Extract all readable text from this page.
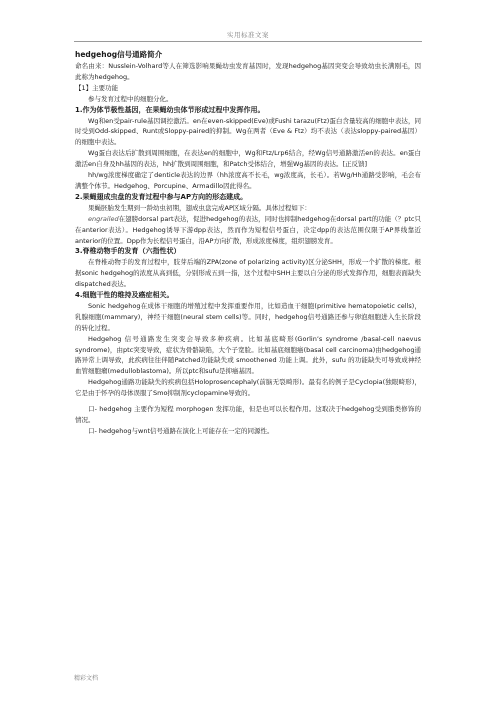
实用标准文案

hedgehog信号通路简介

命名由来：Nusslein-Volhard等人在筛选影响果蝇幼虫发育基因时，发现hedgehog基因突变会导致幼虫长满刚毛，因此称为hedgehog。

【1】主要功能

参与发育过程中的细胞分化。

1.作为体节极性基因，在果蝇幼虫体节形成过程中发挥作用。

Wg和en受pair-rule基因调控激活。en在even-skipped(Eve)或Fushi tarazu(Ftz)蛋白含量较高的细胞中表达，同时受到Odd-skipped、Runt或Sloppy-paired的抑制。Wg在两者（Eve & Ftz）均不表达（表达sloppy-paired基因）的细胞中表达。

Wg蛋白表达后扩散到周围细胞，在表达en的细胞中，Wg和Ftz/Lrp6结合，经Wg信号通路激活en的表达。en蛋白激活en自身及hh基因的表达，hh扩散到周围细胞，和Patch受体结合，增强Wg基因的表达。[正反馈]

hh/wg浓度梯度确定了denticle表达的边界（hh浓度高不长毛，wg浓度高，长毛）。若Wg/Hh通路受影响，毛会布满整个体节。Hedgehog、Porcupine、Armadillo因此得名。

2.果蝇翅成虫盘的发育过程中参与AP方向的形态建成。

果蝇胚胎发生期到一龄幼虫初期，翅成虫盘完成AP区域分隔。具体过程如下：

engrailed在翅膀dorsal part表达，促进hedgehog的表达，同时也抑制hedgehog在dorsal part的功能（？ptc只在anterior表达）。Hedgehog诱导下游dpp表达，然而作为短程信号蛋白，决定dpp的表达范围仅限于AP界线靠近anterior的位置。Dpp作为长程信号蛋白，沿AP方向扩散，形成浓度梯度，组织翅膀发育。

3.脊椎动物手的发育（六指性状）

在脊椎动物手的发育过程中，肢芽后端的ZPA(zone of polarizing activity)区分泌SHH，形成一个扩散的梯度。根据sonic hedgehog的浓度从高到低，分别形成五到一指，这个过程中SHH主要以自分泌的形式发挥作用，细胞表面缺失dispatched表达。

4.细胞干性的维持及癌症相关。

Sonic hedgehog在成体干细胞的增殖过程中发挥重要作用，比如造血干细胞(primitive hematopoietic cells)，乳腺细胞(mammary)，神经干细胞(neural stem cells)等。同时，hedgehog信号通路还参与卵泡细胞进入生长阶段的转化过程。

Hedgehog 信号通路发生突变会导致多种疾病。比如基底畸形(Gorlin’s syndrome /basal-cell naevus syndrome)，由ptc突变导致，症状为骨骼缺陷，大个子宽脸。比如基底细胞癌(basal cell carcinoma)由hedgehog通路异常上调导致，此疾病往往伴随Patched功能缺失或 smoothened 功能上调。此外，sufu 的功能缺失可导致成神经血管细胞瘤(medulloblastoma)。所以ptc和sufu是抑癌基因。

Hedgehog通路功能缺失的疾病包括Holoprosencephaly(前脑无裂畸形)。最有名的例子是Cyclopia(独眼畸形)，它是由于怀孕的母体误服了Smo抑制剂cyclopamine导致的。

口- hedgehog 主要作为短程 morphogen 发挥功能，但是也可以长程作用。这取决于hedgehog受到脂类修饰的情况。

口- hedgehog与wnt信号通路在演化上可能存在一定的同源性。

精彩文档
